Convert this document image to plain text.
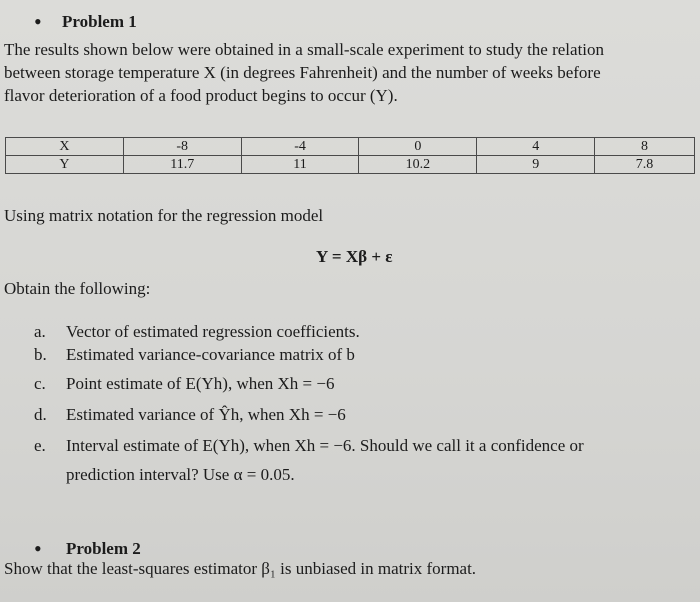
• Problem 1
The results shown below were obtained in a small-scale experiment to study the relation
between storage temperature X (in degrees Fahrenheit) and the number of weeks before
flavor deterioration of a food product begins to occur (Y).
X	-8	-4	0	4	8
Y	11.7	11	10.2	9	7.8
Using matrix notation for the regression model
Y = Xβ + ε
Obtain the following:
a. Vector of estimated regression coefficients.
b. Estimated variance-covariance matrix of b
c. Point estimate of E(Yh), when Xh = −6
d. Estimated variance of Ŷh, when Xh = −6
e. Interval estimate of E(Yh), when Xh = −6. Should we call it a confidence or
prediction interval? Use α = 0.05.
• Problem 2
Show that the least-squares estimator β₁ is unbiased in matrix format.
